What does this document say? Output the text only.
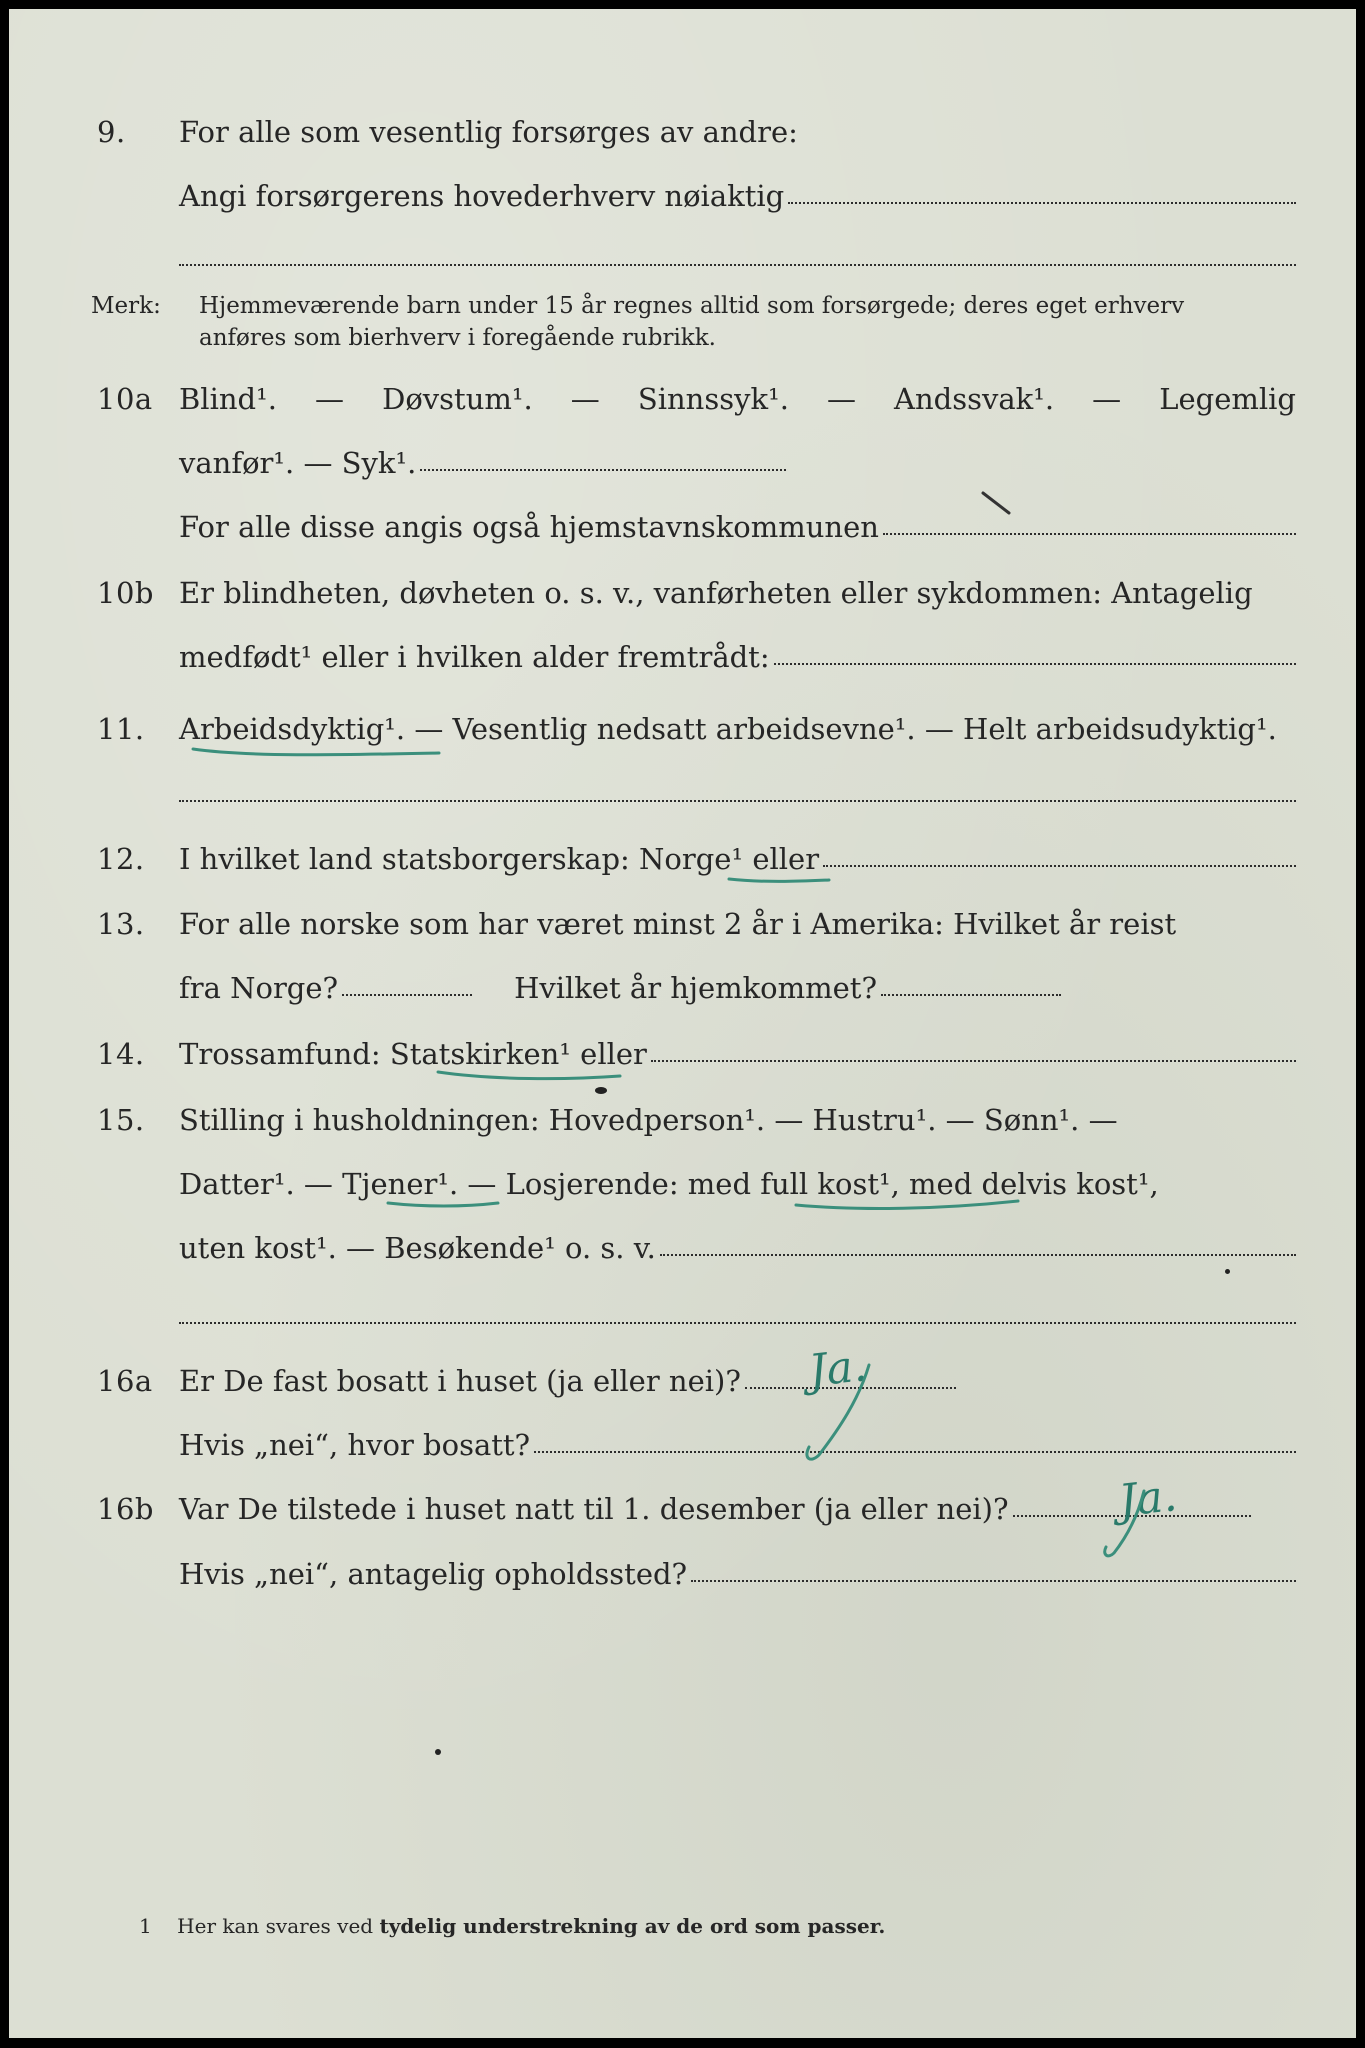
9. For alle som vesentlig forsørges av andre:
Angi forsørgerens hovederhverv nøiaktig
Merk: Hjemmeværende barn under 15 år regnes alltid som forsørgede; deres eget erhverv
anføres som bierhverv i foregående rubrikk.
10a Blind¹. — Døvstum¹. — Sinnssyk¹. — Andssvak¹. — Legemlig
vanfør¹. — Syk¹.
For alle disse angis også hjemstavnskommunen
10b Er blindheten, døvheten o. s. v., vanførheten eller sykdommen: Antagelig
medfødt¹ eller i hvilken alder fremtrådt:
11. Arbeidsdyktig¹. — Vesentlig nedsatt arbeidsevne¹. — Helt arbeidsudyktig¹.
12. I hvilket land statsborgerskap: Norge¹ eller
13. For alle norske som har været minst 2 år i Amerika: Hvilket år reist
fra Norge?	Hvilket år hjemkommet?
14. Trossamfund: Statskirken¹ eller
15. Stilling i husholdningen: Hovedperson¹. — Hustru¹. — Sønn¹. —
Datter¹. — Tjener¹. — Losjerende: med full kost¹, med delvis kost¹,
uten kost¹. — Besøkende¹ o. s. v.
16a Er De fast bosatt i huset (ja eller nei)?
Hvis „nei“, hvor bosatt?
16b Var De tilstede i huset natt til 1. desember (ja eller nei)?
Hvis „nei“, antagelig opholdssted?
Ja.
Ja.
1 Her kan svares ved tydelig understrekning av de ord som passer.
